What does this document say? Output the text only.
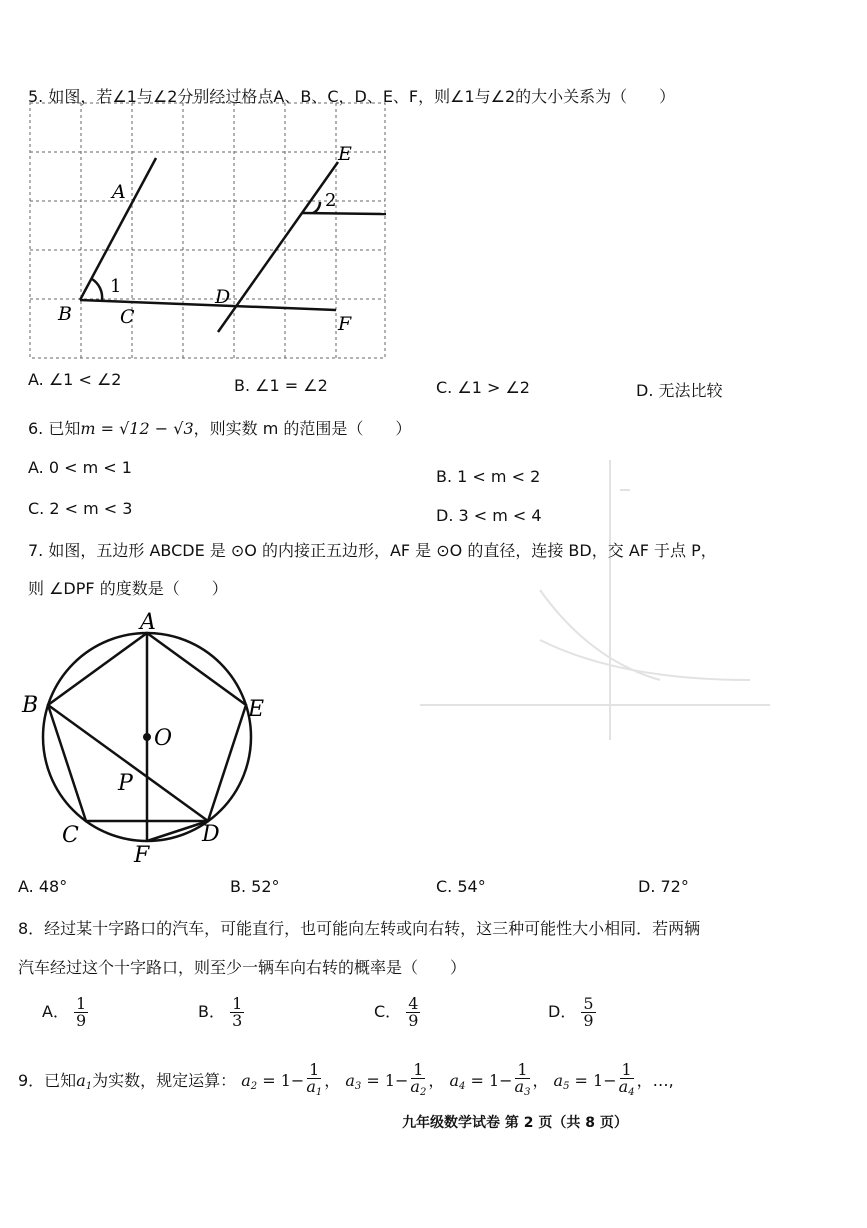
5. 如图，若∠1与∠2分别经过格点A、B、C，D、E、F，则∠1与∠2的大小关系为（　　）
A
B	C
D
E
F
1
2
A. ∠1 < ∠2	B. ∠1 = ∠2	C. ∠1 > ∠2	D. 无法比较
6. 已知m = √12 − √3，则实数 m 的范围是（　　）
A. 0 < m < 1	B. 1 < m < 2
C. 2 < m < 3	D. 3 < m < 4
7. 如图，五边形 ABCDE 是 ⊙O 的内接正五边形，AF 是 ⊙O 的直径，连接 BD，交 AF 于点 P，
则 ∠DPF 的度数是（　　）
A
B
C	D
E
F
O
P
A. 48°	B. 52°	C. 54°	D. 72°
8．经过某十字路口的汽车，可能直行，也可能向左转或向右转，这三种可能性大小相同．若两辆
汽车经过这个十字路口，则至少一辆车向右转的概率是（　　）
A． $\frac{1}{9}$	B． $\frac{1}{3}$	C． $\frac{4}{9}$	D． $\frac{5}{9}$
9．已知$a_1$为实数，规定运算： $a_2 = 1- \frac{1}{a_1}$ ， $a_3 = 1- \frac{1}{a_2}$ ， $a_4 = 1- \frac{1}{a_3}$ ， $a_5 = 1- \frac{1}{a_4}$ ，…,
九年级数学试卷 第 2 页（共 8 页）
